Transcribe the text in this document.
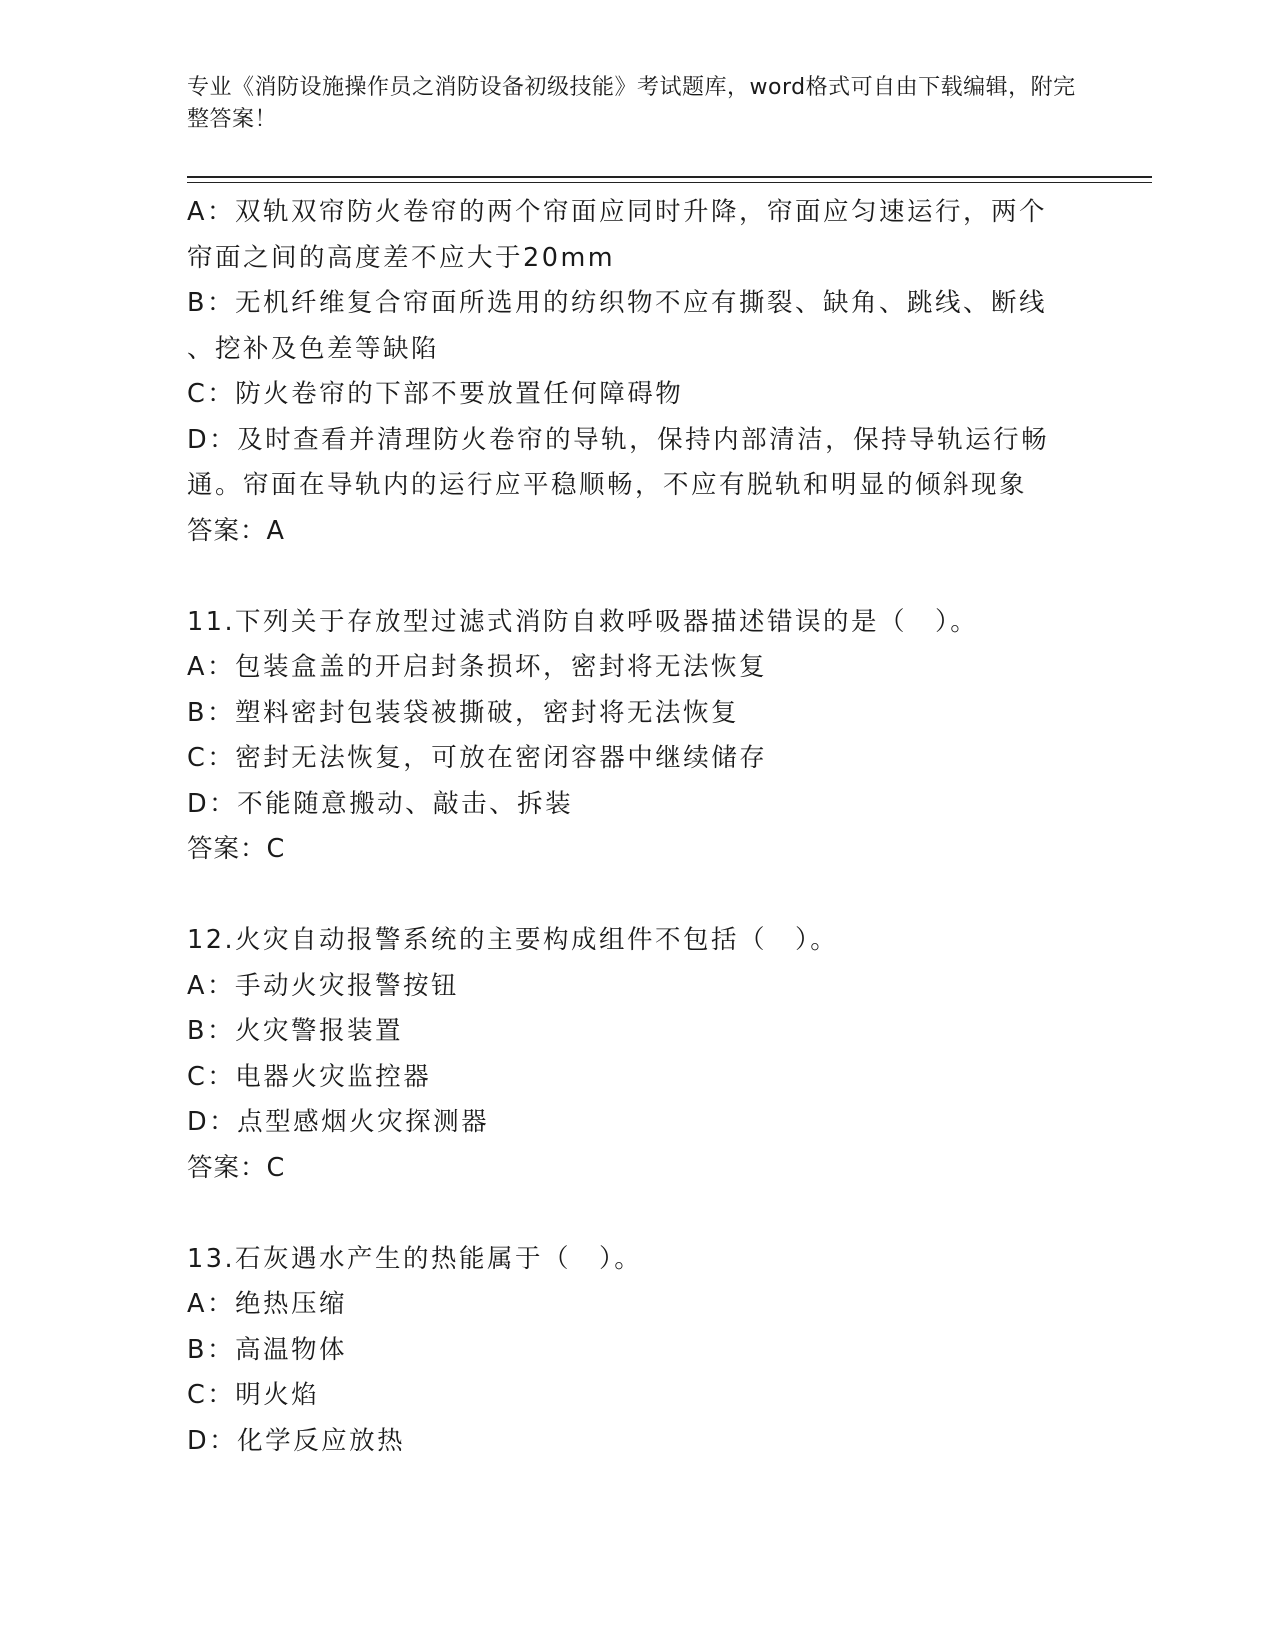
专业《消防设施操作员之消防设备初级技能》考试题库，word格式可自由下载编辑，附完整答案！
A：双轨双帘防火卷帘的两个帘面应同时升降，帘面应匀速运行，两个
帘面之间的高度差不应大于20mm
B：无机纤维复合帘面所选用的纺织物不应有撕裂、缺角、跳线、断线
、挖补及色差等缺陷
C：防火卷帘的下部不要放置任何障碍物
D：及时查看并清理防火卷帘的导轨，保持内部清洁，保持导轨运行畅
通。帘面在导轨内的运行应平稳顺畅，不应有脱轨和明显的倾斜现象
答案：A
11.下列关于存放型过滤式消防自救呼吸器描述错误的是（　）。
A：包装盒盖的开启封条损坏，密封将无法恢复
B：塑料密封包装袋被撕破，密封将无法恢复
C：密封无法恢复，可放在密闭容器中继续储存
D：不能随意搬动、敲击、拆装
答案：C
12.火灾自动报警系统的主要构成组件不包括（　）。
A：手动火灾报警按钮
B：火灾警报装置
C：电器火灾监控器
D：点型感烟火灾探测器
答案：C
13.石灰遇水产生的热能属于（　）。
A：绝热压缩
B：高温物体
C：明火焰
D：化学反应放热
